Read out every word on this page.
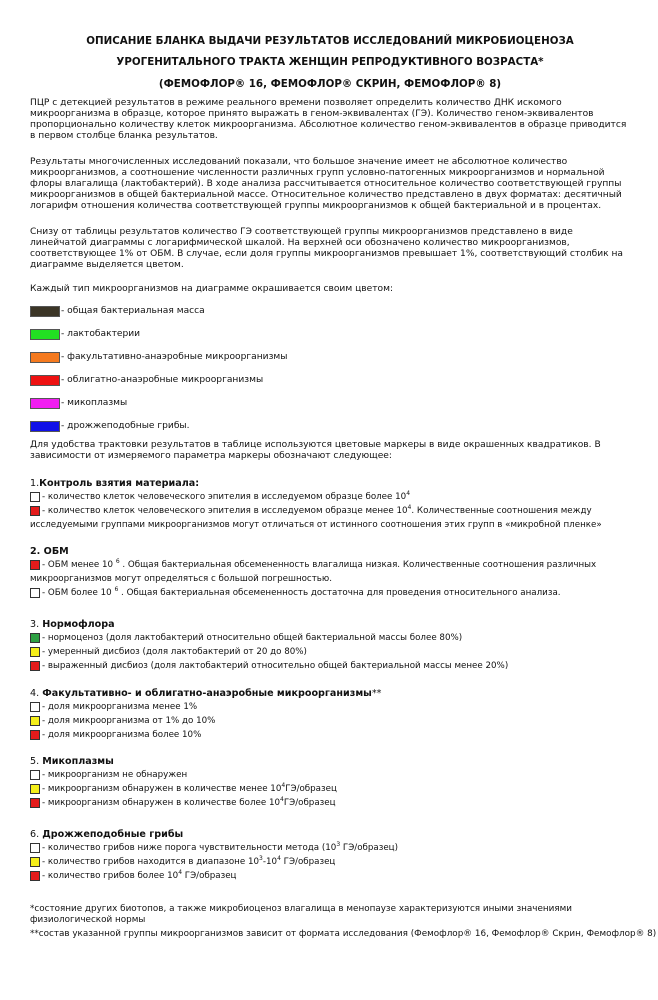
ОПИСАНИЕ БЛАНКА ВЫДАЧИ РЕЗУЛЬТАТОВ ИССЛЕДОВАНИЙ МИКРОБИОЦЕНОЗА
УРОГЕНИТАЛЬНОГО ТРАКТА ЖЕНЩИН РЕПРОДУКТИВНОГО ВОЗРАСТА*
(ФЕМОФЛОР® 16, ФЕМОФЛОР® СКРИН, ФЕМОФЛОР® 8)
ПЦР с детекцией результатов в режиме реального времени позволяет определить количество ДНК искомого микроорганизма в образце, которое принято выражать в геном-эквивалентах (ГЭ). Количество геном-эквивалентов пропорционально количеству клеток микроорганизма. Абсолютное количество геном-эквивалентов в образце приводится в первом столбце бланка результатов.
Результаты многочисленных исследований показали, что большое значение имеет не абсолютное количество микроорганизмов, а соотношение численности различных групп условно-патогенных микроорганизмов и нормальной флоры влагалища (лактобактерий). В ходе анализа рассчитывается относительное количество соответствующей группы микроорганизмов в общей бактериальной массе. Относительное количество представлено в двух форматах: десятичный логарифм отношения количества соответствующей группы микроорганизмов к общей бактериальной и в процентах.
Снизу от таблицы результатов количество ГЭ соответствующей группы микроорганизмов представлено в виде линейчатой диаграммы с логарифмической шкалой. На верхней оси обозначено количество микроорганизмов, соответствующее 1% от ОБМ. В случае, если доля группы микроорганизмов превышает 1%, соответствующий столбик на диаграмме выделяется цветом.
Каждый тип микроорганизмов на диаграмме окрашивается своим цветом:
- общая бактериальная масса
- лактобактерии
- факультативно-анаэробные микроорганизмы
- облигатно-анаэробные микроорганизмы
- микоплазмы
- дрожжеподобные грибы.
Для удобства трактовки результатов в таблице используются цветовые маркеры в виде окрашенных квадратиков. В зависимости от измеряемого параметра маркеры обозначают следующее:
1.Контроль взятия материала:
- количество клеток человеческого эпителия в исследуемом образце более $10^4$
- количество клеток человеческого эпителия в исследуемом образце менее $10^4$. Количественные соотношения между
исследуемыми группами микроорганизмов могут отличаться от истинного соотношения этих групп в «микробной пленке»
2. ОБМ
- ОБМ менее 10 $^6$ . Общая бактериальная обсемененность влагалища низкая. Количественные соотношения различных
микроорганизмов могут определяться с большой погрешностью.
- ОБМ более 10 $^6$ . Общая бактериальная обсемененность достаточна для проведения относительного анализа.
3. Нормофлора
- нормоценоз (доля лактобактерий относительно общей бактериальной массы более 80%)
- умеренный дисбиоз (доля лактобактерий от 20 до 80%)
- выраженный дисбиоз (доля лактобактерий относительно общей бактериальной массы менее 20%)
4. Факультативно- и облигатно-анаэробные микроорганизмы**
- доля микроорганизма менее 1%
- доля микроорганизма от 1% до 10%
- доля микроорганизма более 10%
5. Микоплазмы
- микроорганизм не обнаружен
- микроорганизм обнаружен в количестве менее $10^4ГЭ$/образец
- микроорганизм обнаружен в количестве более $10^4ГЭ$/образец
6. Дрожжеподобные грибы
- количество грибов ниже порога чувствительности метода ($10^3$ ГЭ/образец)
- количество грибов находится в диапазоне $10^3-10^4$ ГЭ/образец
- количество грибов более $10^4$ ГЭ/образец
*состояние других биотопов, а также микробиоценоз влагалища в менопаузе характеризуются иными значениями физиологической нормы
**состав указанной группы микроорганизмов зависит от формата исследования (Фемофлор® 16, Фемофлор® Скрин, Фемофлор® 8)
